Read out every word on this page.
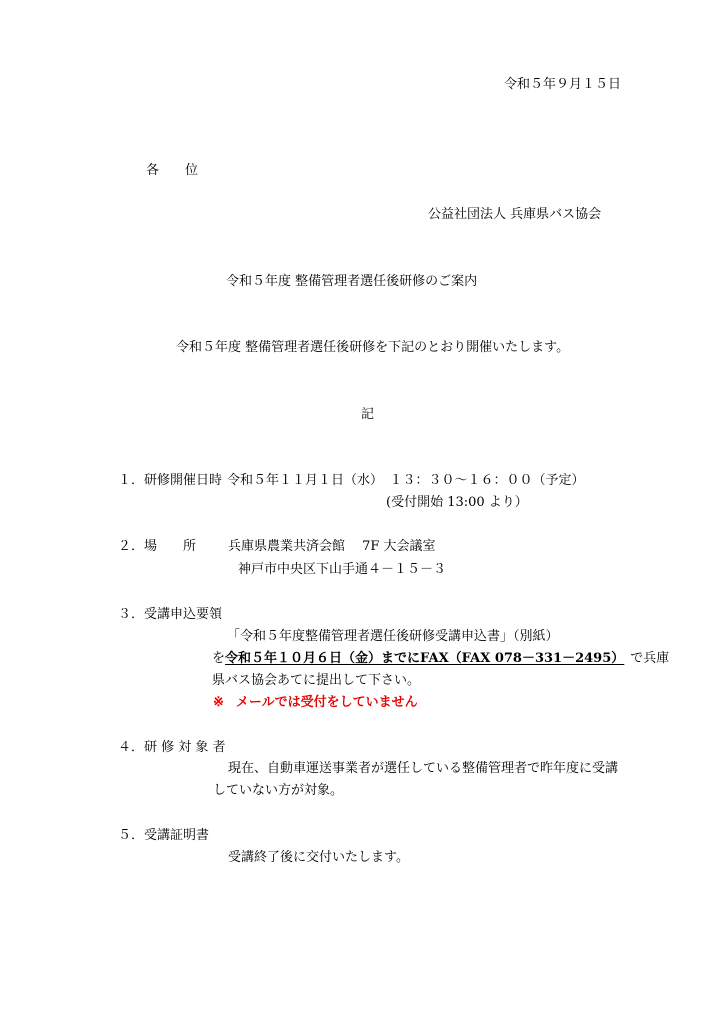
令和５年９月１５日
各　　位
公益社団法人 兵庫県バス協会
令和５年度 整備管理者選任後研修のご案内
令和５年度 整備管理者選任後研修を下記のとおり開催いたします。
記
１．研修開催日時 令和５年１１月１日（水）　１３：３０～１６：００（予定）
(受付開始 13:00 より）
２．場　　所 兵庫県農業共済会館　 7F 大会議室
神戸市中央区下山手通４－１５－３
３．受講申込要領
「令和５年度整備管理者選任後研修受講申込書」（別紙）
を令和５年１０月６日（金）までにFAX（FAX 078－331－2495） で兵庫
県バス協会あてに提出して下さい。
※ メールでは受付をしていません
４．研 修 対 象 者
現在、自動車運送事業者が選任している整備管理者で昨年度に受講
していない方が対象。
５．受講証明書
受講終了後に交付いたします。
